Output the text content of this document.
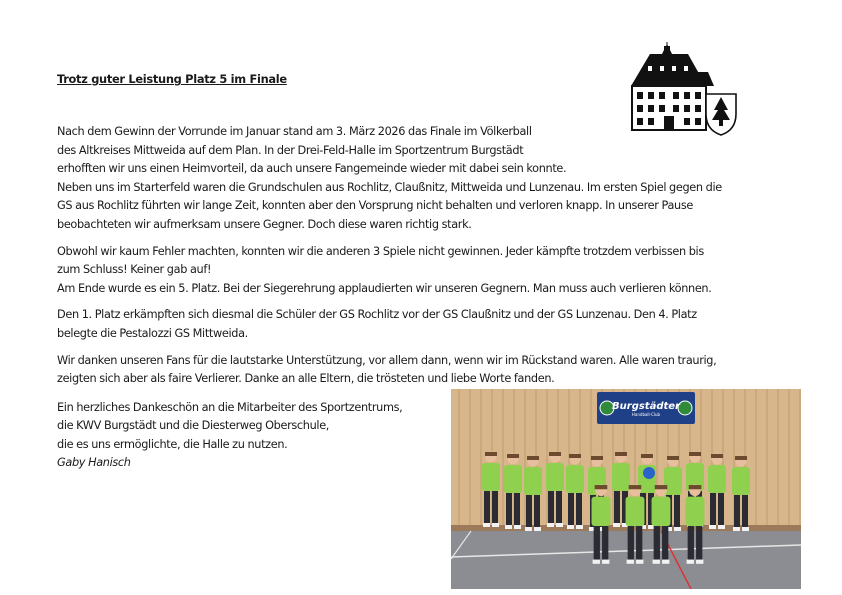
Trotz guter Leistung Platz 5 im Finale

Nach dem Gewinn der Vorrunde im Januar stand am 3. März 2026 das Finale im Völkerball
des Altkreises Mittweida auf dem Plan. In der Drei-Feld-Halle im Sportzentrum Burgstädt
erhofften wir uns einen Heimvorteil, da auch unsere Fangemeinde wieder mit dabei sein konnte.
Neben uns im Starterfeld waren die Grundschulen aus Rochlitz, Claußnitz, Mittweida und Lunzenau. Im ersten Spiel gegen die
GS aus Rochlitz führten wir lange Zeit, konnten aber den Vorsprung nicht behalten und verloren knapp. In unserer Pause
beobachteten wir aufmerksam unsere Gegner. Doch diese waren richtig stark.

Obwohl wir kaum Fehler machten, konnten wir die anderen 3 Spiele nicht gewinnen. Jeder kämpfte trotzdem verbissen bis
zum Schluss! Keiner gab auf!
Am Ende wurde es ein 5. Platz. Bei der Siegerehrung applaudierten wir unseren Gegnern. Man muss auch verlieren können.

Den 1. Platz erkämpften sich diesmal die Schüler der GS Rochlitz vor der GS Claußnitz und der GS Lunzenau. Den 4. Platz
belegte die Pestalozzi GS Mittweida.

Wir danken unseren Fans für die lautstarke Unterstützung, vor allem dann, wenn wir im Rückstand waren. Alle waren traurig,
zeigten sich aber als faire Verlierer. Danke an alle Eltern, die trösteten und liebe Worte fanden.

Ein herzliches Dankeschön an die Mitarbeiter des Sportzentrums,
die KWV Burgstädt und die Diesterweg Oberschule,
die es uns ermöglichte, die Halle zu nutzen.
Gaby Hanisch
Burgstädter
Handball-Club
